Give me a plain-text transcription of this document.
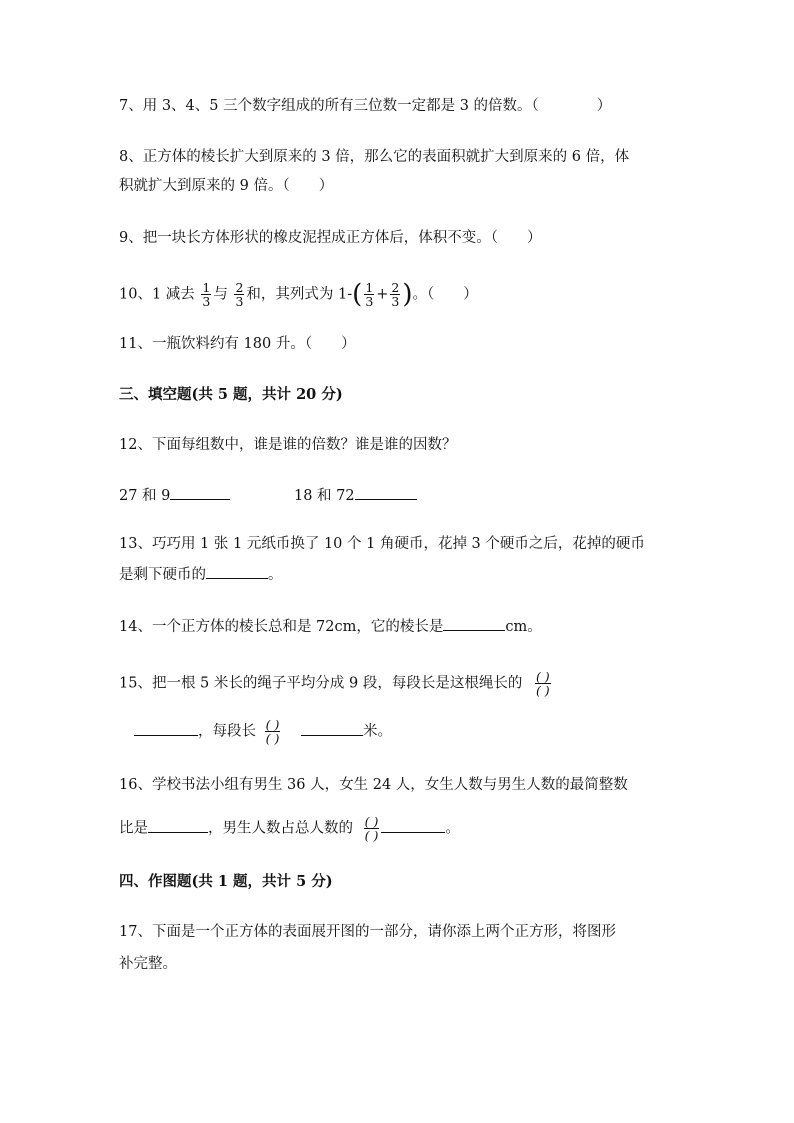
7、用 3、4、5 三个数字组成的所有三位数一定都是 3 的倍数。（　　　　）
8、正方体的棱长扩大到原来的 3 倍，那么它的表面积就扩大到原来的 6 倍，体
积就扩大到原来的 9 倍。（　　）
9、把一块长方体形状的橡皮泥捏成正方体后，体积不变。（　　）
10、1 减去 $\frac{1}{3}$ 与 $\frac{2}{3}$ 和，其列式为 $1-( \frac{1}{3} + \frac{2}{3}$ )。（　　）
11、一瓶饮料约有 180 升。（　　）
三、填空题(共 5 题，共计 20 分)
12、下面每组数中，谁是谁的倍数？谁是谁的因数？
27 和 9	18 和 72
13、巧巧用 1 张 1 元纸币换了 10 个 1 角硬币，花掉 3 个硬币之后，花掉的硬币
是剩下硬币的	。
14、一个正方体的棱长总和是 72cm，它的棱长是	cm。
15、把一根 5 米长的绳子平均分成 9 段，每段长是这根绳长的 $\frac{( )}{( )}$
，每段长 $\frac{( )}{( )}$	米。
16、学校书法小组有男生 36 人，女生 24 人，女生人数与男生人数的最简整数
比是	，男生人数占总人数的 $\frac{( )}{( )}$	。
四、作图题(共 1 题，共计 5 分)
17、下面是一个正方体的表面展开图的一部分，请你添上两个正方形，将图形
补完整。
